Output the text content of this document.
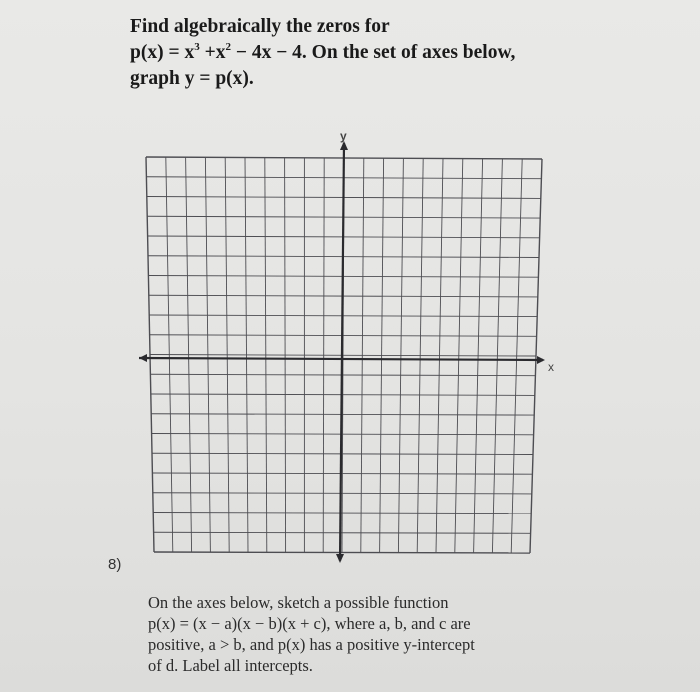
Find algebraically the zeros for
$p(x) = x^3 +x^2 - 4x - 4$. On the set of axes below,
graph y = p(x).
x
y
8)
On the axes below, sketch a possible function
p(x) = (x − a)(x − b)(x + c), where a, b, and c are
positive, a > b, and p(x) has a positive y-intercept
of d. Label all intercepts.
